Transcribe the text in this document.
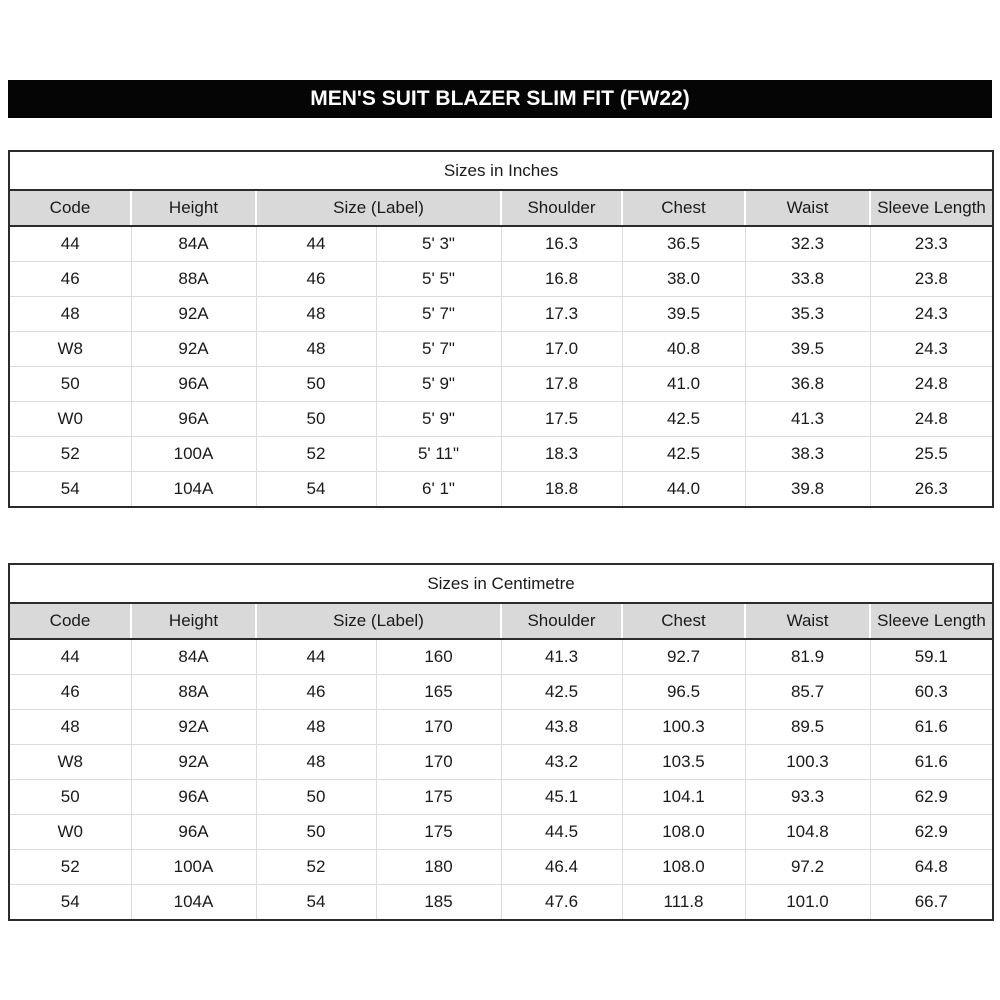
MEN'S SUIT BLAZER SLIM FIT (FW22)
Sizes in Inches							
Code	Height	Size (Label)		Shoulder	Chest	Waist	Sleeve Length
44	84A	44	5' 3"	16.3	36.5	32.3	23.3
46	88A	46	5' 5"	16.8	38.0	33.8	23.8
48	92A	48	5' 7"	17.3	39.5	35.3	24.3
W8	92A	48	5' 7"	17.0	40.8	39.5	24.3
50	96A	50	5' 9"	17.8	41.0	36.8	24.8
W0	96A	50	5' 9"	17.5	42.5	41.3	24.8
52	100A	52	5' 11"	18.3	42.5	38.3	25.5
54	104A	54	6' 1"	18.8	44.0	39.8	26.3
Sizes in Centimetre							
Code	Height	Size (Label)		Shoulder	Chest	Waist	Sleeve Length
44	84A	44	160	41.3	92.7	81.9	59.1
46	88A	46	165	42.5	96.5	85.7	60.3
48	92A	48	170	43.8	100.3	89.5	61.6
W8	92A	48	170	43.2	103.5	100.3	61.6
50	96A	50	175	45.1	104.1	93.3	62.9
W0	96A	50	175	44.5	108.0	104.8	62.9
52	100A	52	180	46.4	108.0	97.2	64.8
54	104A	54	185	47.6	111.8	101.0	66.7
